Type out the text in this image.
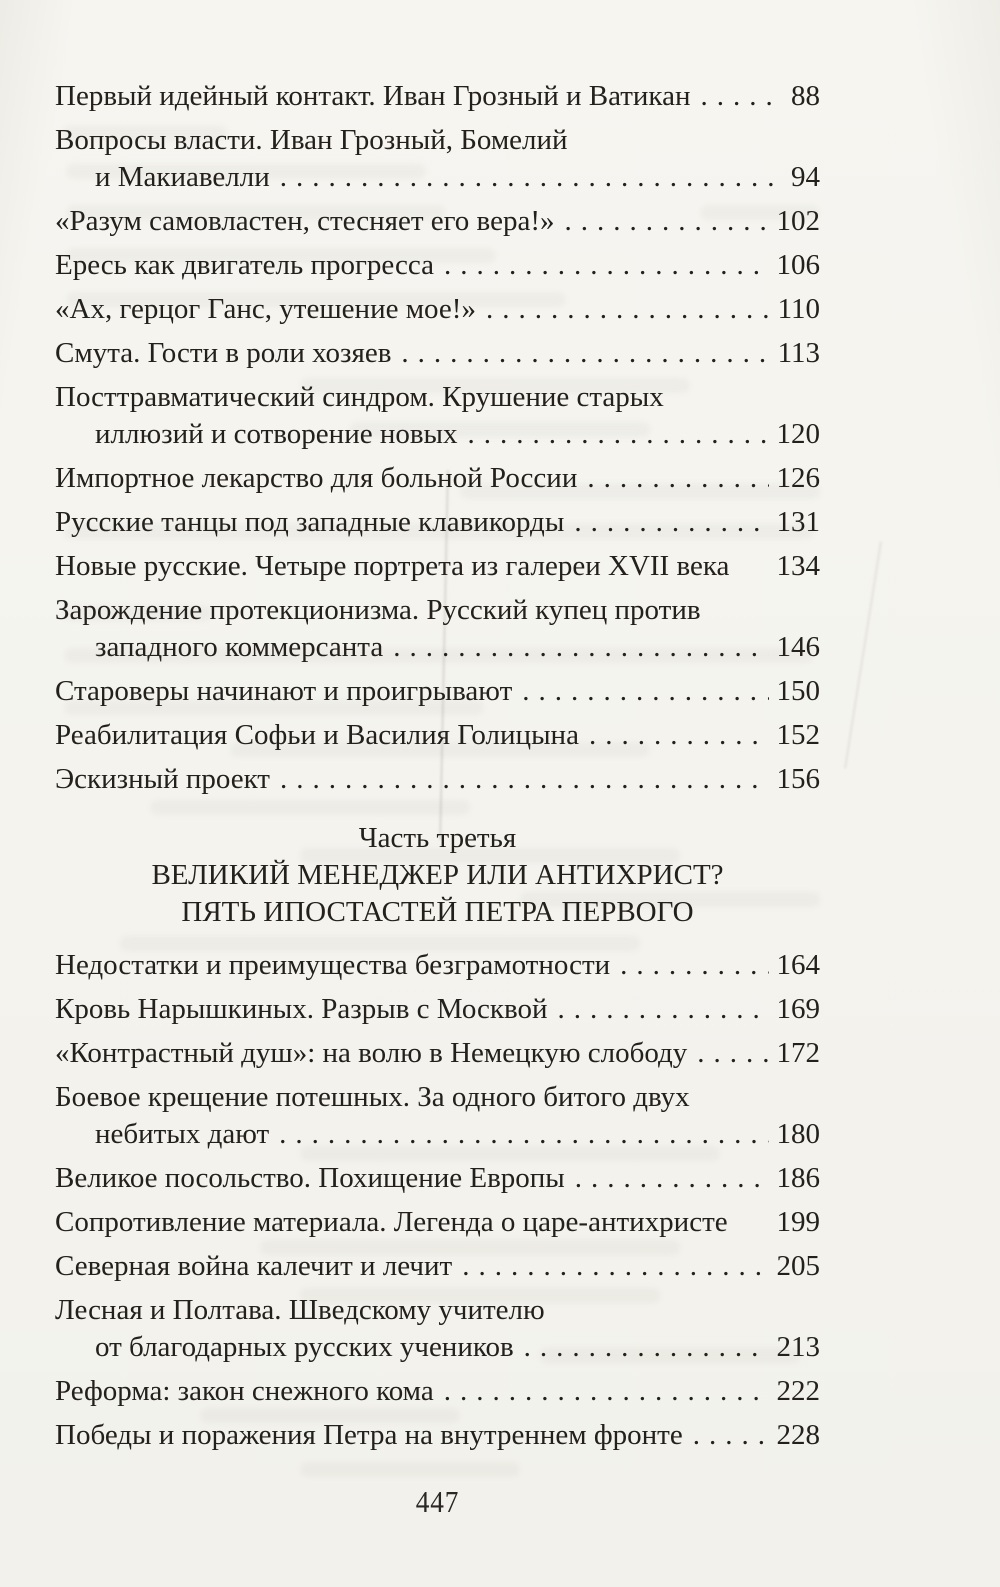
Первый идейный контакт. Иван Грозный и Ватикан .....	88
Вопросы власти. Иван Грозный, Бомелий
и Макиавелли .....	94
«Разум самовластен, стесняет его вера!» .....	102
Ересь как двигатель прогресса .....	106
«Ах, герцог Ганс, утешение мое!» .....	110
Смута. Гости в роли хозяев .....	113
Посттравматический синдром. Крушение старых
иллюзий и сотворение новых .....	120
Импортное лекарство для больной России .....	126
Русские танцы под западные клавикорды .....	131
Новые русские. Четыре портрета из галереи XVII века 134
Зарождение протекционизма. Русский купец против
западного коммерсанта .....	146
Староверы начинают и проигрывают .....	150
Реабилитация Софьи и Василия Голицына .....	152
Эскизный проект .....	156
Часть третья
ВЕЛИКИЙ МЕНЕДЖЕР ИЛИ АНТИХРИСТ?
ПЯТЬ ИПОСТАСТЕЙ ПЕТРА ПЕРВОГО
Недостатки и преимущества безграмотности .....	164
Кровь Нарышкиных. Разрыв с Москвой .....	169
«Контрастный душ»: на волю в Немецкую слободу .....	172
Боевое крещение потешных. За одного битого двух
небитых дают .....	180
Великое посольство. Похищение Европы .....	186
Сопротивление материала. Легенда о царе-антихристе 199
Северная война калечит и лечит .....	205
Лесная и Полтава. Шведскому учителю
от благодарных русских учеников .....	213
Реформа: закон снежного кома .....	222
Победы и поражения Петра на внутреннем фронте .....	228
447
